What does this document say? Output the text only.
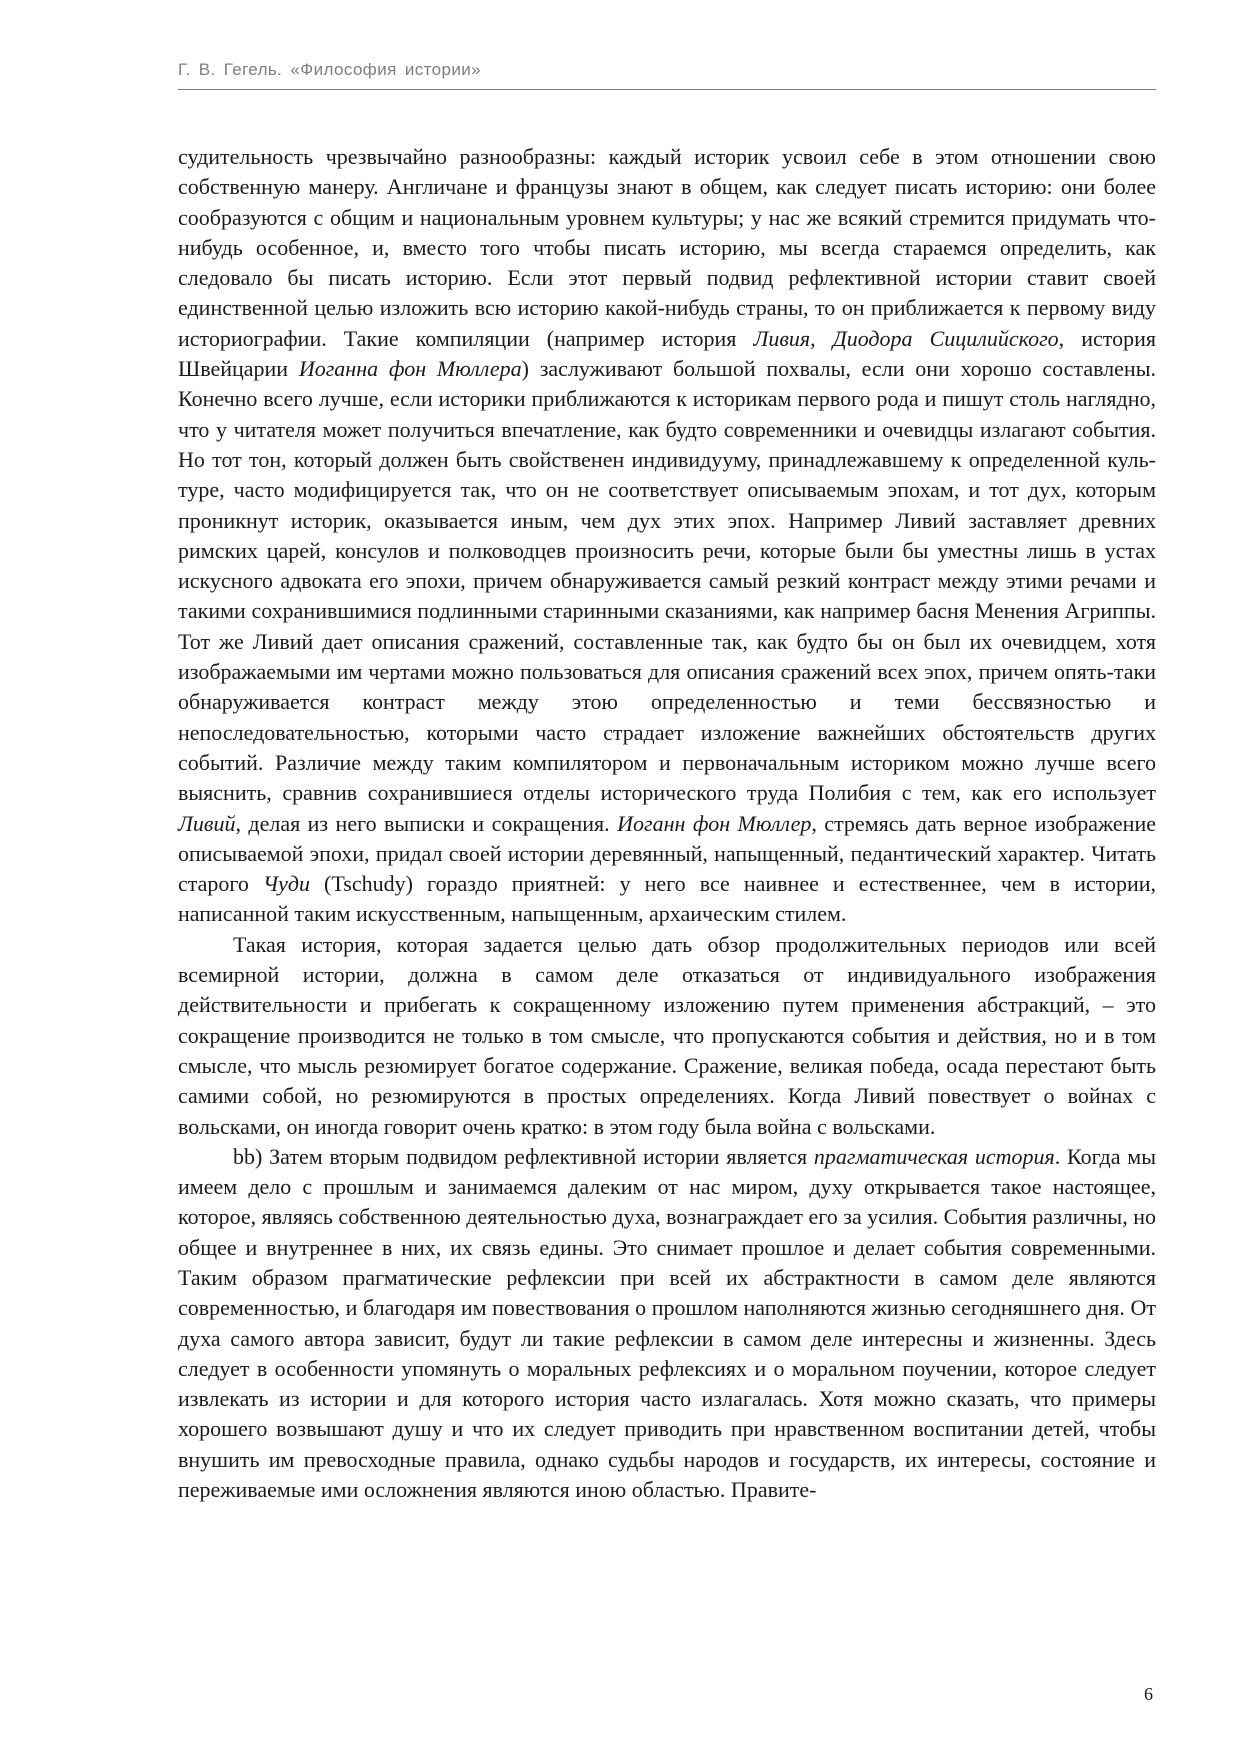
Г. В. Гегель. «Философия истории»

судительность чрезвычайно разнообразны: каждый историк усвоил себе в этом отношении свою собственную манеру. Англичане и французы знают в общем, как следует писать историю: они более сообразуются с общим и национальным уровнем культуры; у нас же всякий стремится придумать что-нибудь особенное, и, вместо того чтобы писать историю, мы всегда стараемся определить, как следовало бы писать историю. Если этот первый подвид рефлективной истории ставит своей единственной целью изложить всю историю какой-нибудь страны, то он приближается к первому виду историографии. Такие компиляции (например история Ливия, Диодора Сицилийского, история Швейцарии Иоганна фон Мюллера) заслуживают большой похвалы, если они хорошо составлены. Конечно всего лучше, если историки приближаются к историкам первого рода и пишут столь наглядно, что у читателя может получиться впечатление, как будто современники и очевидцы излагают события. Но тот тон, который должен быть свойственен индивидууму, принадлежавшему к определенной культуре, часто модифицируется так, что он не соответствует описываемым эпохам, и тот дух, которым проникнут историк, оказывается иным, чем дух этих эпох. Например Ливий заставляет древних римских царей, консулов и полководцев произносить речи, которые были бы уместны лишь в устах искусного адвоката его эпохи, причем обнаруживается самый резкий контраст между этими речами и такими сохранившимися подлинными старинными сказаниями, как например басня Менения Агриппы. Тот же Ливий дает описания сражений, составленные так, как будто бы он был их очевидцем, хотя изображаемыми им чертами можно пользоваться для описания сражений всех эпох, причем опять-таки обнаруживается контраст между этою определенностью и теми бессвязностью и непоследовательностью, которыми часто страдает изложение важнейших обстоятельств других событий. Различие между таким компилятором и первоначальным историком можно лучше всего выяснить, сравнив сохранившиеся отделы исторического труда Полибия с тем, как его использует Ливий, делая из него выписки и сокращения. Иоганн фон Мюллер, стремясь дать верное изображение описываемой эпохи, придал своей истории деревянный, напыщенный, педантический характер. Читать старого Чуди (Tschudy) гораздо приятней: у него все наивнее и естественнее, чем в истории, написанной таким искусственным, напыщенным, архаическим стилем.

Такая история, которая задается целью дать обзор продолжительных периодов или всей всемирной истории, должна в самом деле отказаться от индивидуального изображения действительности и прибегать к сокращенному изложению путем применения абстракций, – это сокращение производится не только в том смысле, что пропускаются события и действия, но и в том смысле, что мысль резюмирует богатое содержание. Сражение, великая победа, осада перестают быть самими собой, но резюмируются в простых определениях. Когда Ливий повествует о войнах с вольсками, он иногда говорит очень кратко: в этом году была война с вольсками.

bb) Затем вторым подвидом рефлективной истории является прагматическая история. Когда мы имеем дело с прошлым и занимаемся далеким от нас миром, духу открывается такое настоящее, которое, являясь собственною деятельностью духа, вознаграждает его за усилия. События различны, но общее и внутреннее в них, их связь едины. Это снимает прошлое и делает события современными. Таким образом прагматические рефлексии при всей их абстрактности в самом деле являются современностью, и благодаря им повествования о прошлом наполняются жизнью сегодняшнего дня. От духа самого автора зависит, будут ли такие рефлексии в самом деле интересны и жизненны. Здесь следует в особенности упомянуть о моральных рефлексиях и о моральном поучении, которое следует извлекать из истории и для которого история часто излагалась. Хотя можно сказать, что примеры хорошего возвышают душу и что их следует приводить при нравственном воспитании детей, чтобы внушить им превосходные правила, однако судьбы народов и государств, их интересы, состояние и переживаемые ими осложнения являются иною областью. Правите-

6
